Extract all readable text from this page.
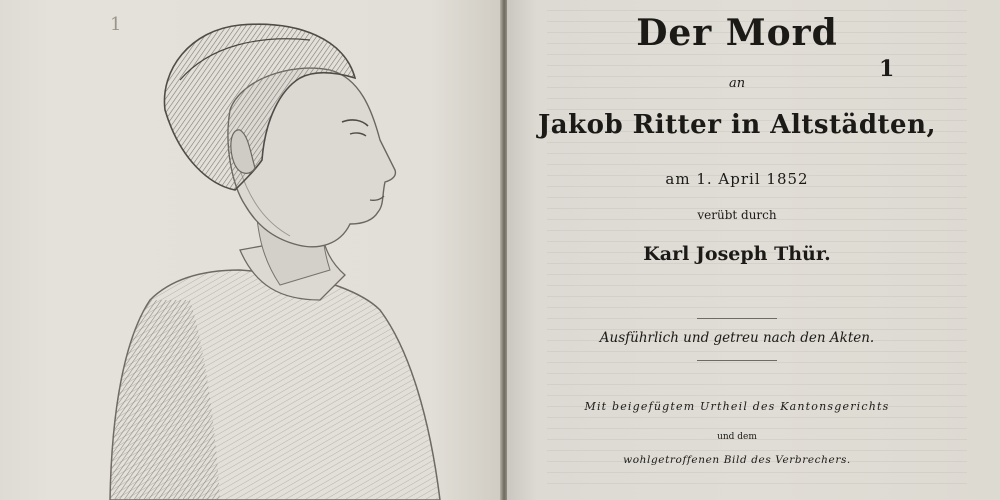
1	Der Mord
1
an
Jakob Ritter in Altstädten,
am 1. April 1852
verübt durch
Karl Joseph Thür.
Ausführlich und getreu nach den Akten.
Mit beigefügtem Urtheil des Kantonsgerichts
und dem
wohlgetroffenen Bild des Verbrechers.
